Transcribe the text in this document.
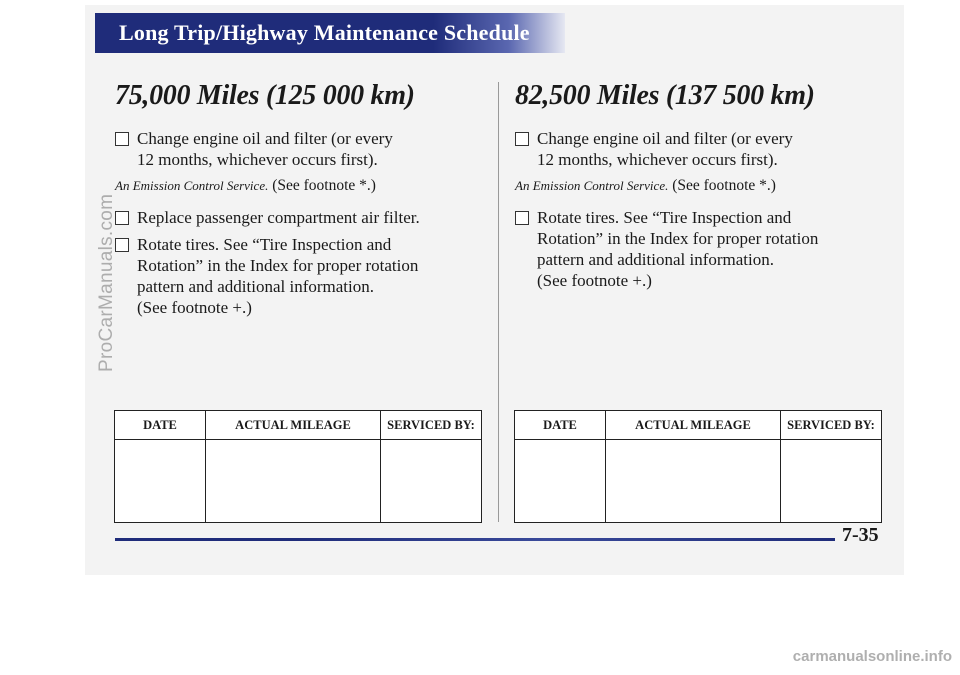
Long Trip/Highway Maintenance Schedule
75,000 Miles (125 000 km)
Change engine oil and filter (or every
12 months, whichever occurs first).
An Emission Control Service. (See footnote *.)
Replace passenger compartment air filter.
Rotate tires. See “Tire Inspection and
Rotation” in the Index for proper rotation
pattern and additional information.
(See footnote +.)
82,500 Miles (137 500 km)
Change engine oil and filter (or every
12 months, whichever occurs first).
An Emission Control Service. (See footnote *.)
Rotate tires. See “Tire Inspection and
Rotation” in the Index for proper rotation
pattern and additional information.
(See footnote +.)
DATE	ACTUAL MILEAGE	SERVICED BY:
			DATE	ACTUAL MILEAGE	SERVICED BY:

7-35
ProCarManuals.com
carmanualsonline.info
